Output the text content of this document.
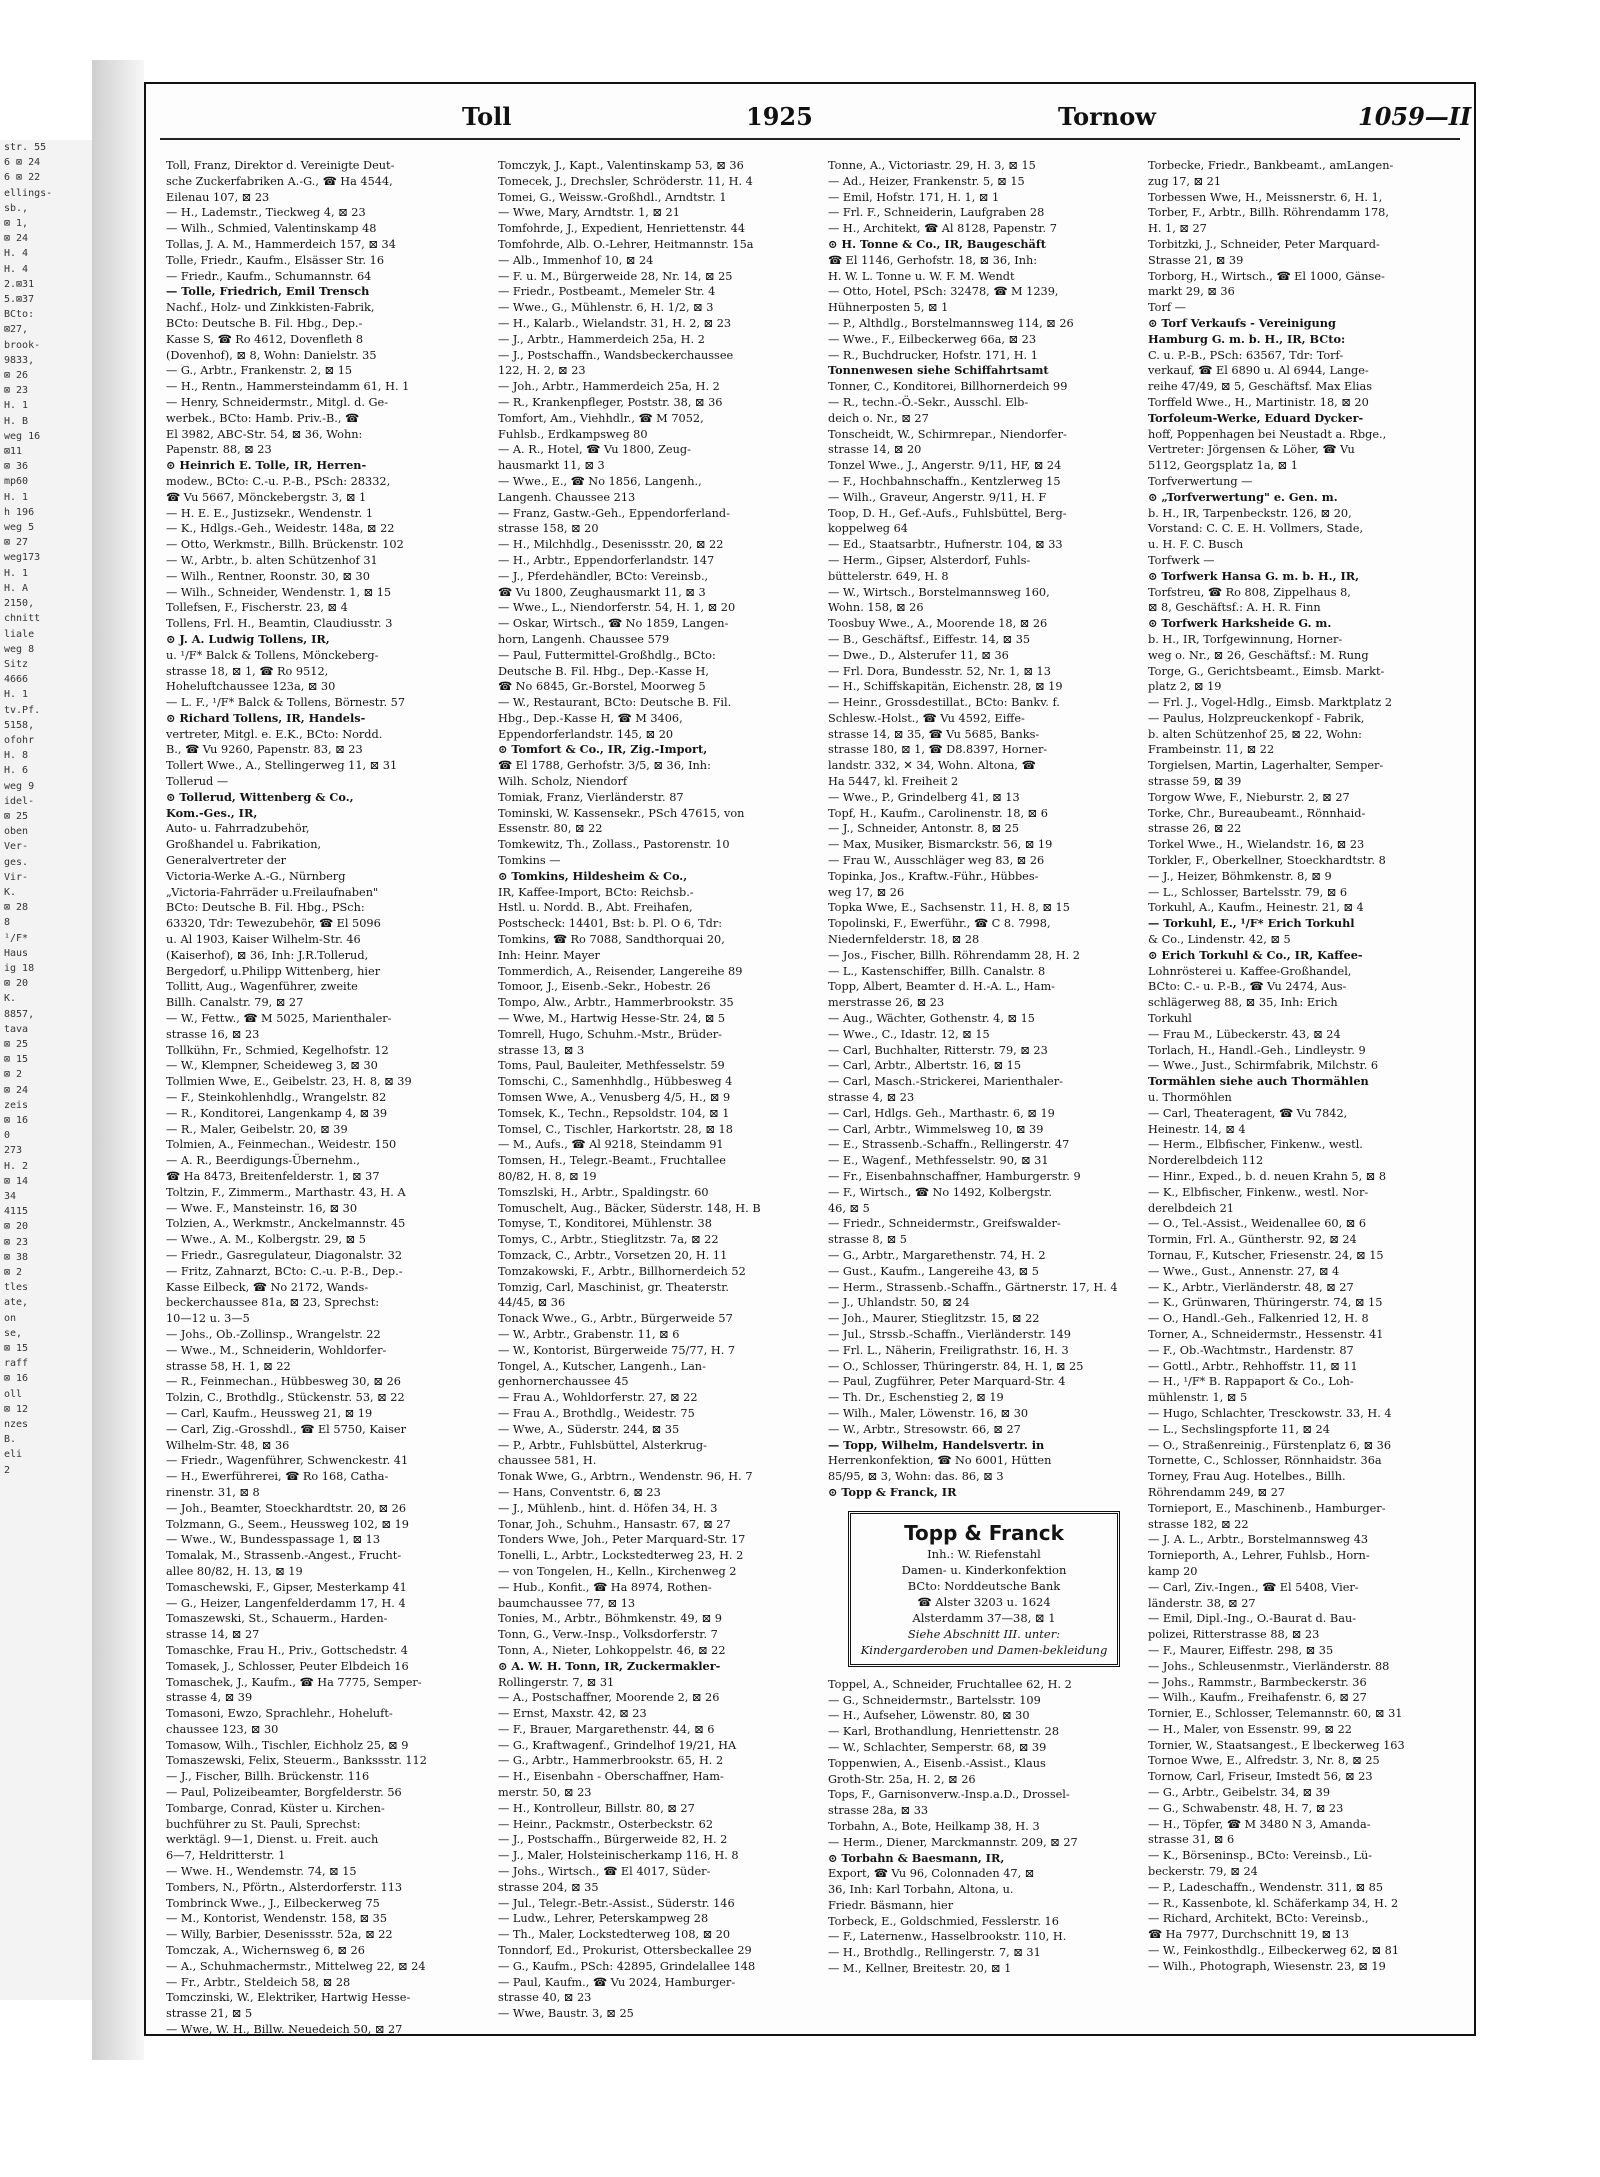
str. 55
6 ⊠ 24
6 ⊠ 22
ellings-
sb.,
⊠ 1,
⊠ 24
H. 4
H. 4
2.⊠31
5.⊠37
BCto:
⊠27,
brook-
9833,
⊠ 26
⊠ 23
H. 1
H. B
weg 16
⊠11
⊠ 36
mp60
H. 1
h 196
weg 5
⊠ 27
weg173
H. 1
H. A
2150,
chnitt
liale
weg 8
Sitz
4666
H. 1
tv.Pf.
5158,
ofohr
H. 8
H. 6
weg 9
idel-
⊠ 25
oben
Ver-
ges.
Vir-
K.
⊠ 28
8
¹/F*
Haus
ig 18
⊠ 20
K.
8857,
tava
⊠ 25
⊠ 15
⊠ 2
⊠ 24
zeis
⊠ 16
0
273
H. 2
⊠ 14
34
4115
⊠ 20
⊠ 23
⊠ 38
⊠ 2
tles
ate,
on
se,
⊠ 15
raff
⊠ 16
oll
⊠ 12
nzes
B.
eli
2
Toll	1925	Tornow	1059—II
Toll, Franz, Direktor d. Vereinigte Deut-
sche Zuckerfabriken A.-G., ☎ Ha 4544,
Eilenau 107, ⊠ 23
— H., Lademstr., Tieckweg 4, ⊠ 23
— Wilh., Schmied, Valentinskamp 48
Tollas, J. A. M., Hammerdeich 157, ⊠ 34
Tolle, Friedr., Kaufm., Elsässer Str. 16
— Friedr., Kaufm., Schumannstr. 64
— Tolle, Friedrich, Emil Trensch
Nachf., Holz- und Zinkkisten-Fabrik,
BCto: Deutsche B. Fil. Hbg., Dep.-
Kasse S, ☎ Ro 4612, Dovenfleth 8
(Dovenhof), ⊠ 8, Wohn: Danielstr. 35
— G., Arbtr., Frankenstr. 2, ⊠ 15
— H., Rentn., Hammersteindamm 61, H. 1
— Henry, Schneidermstr., Mitgl. d. Ge-
werbek., BCto: Hamb. Priv.-B., ☎
El 3982, ABC-Str. 54, ⊠ 36, Wohn:
Papenstr. 88, ⊠ 23
⊙ Heinrich E. Tolle, IR, Herren-
modew., BCto: C.-u. P.-B., PSch: 28332,
☎ Vu 5667, Mönckebergstr. 3, ⊠ 1
— H. E. E., Justizsekr., Wendenstr. 1
— K., Hdlgs.-Geh., Weidestr. 148a, ⊠ 22
— Otto, Werkmstr., Billh. Brückenstr. 102
— W., Arbtr., b. alten Schützenhof 31
— Wilh., Rentner, Roonstr. 30, ⊠ 30
— Wilh., Schneider, Wendenstr. 1, ⊠ 15
Tollefsen, F., Fischerstr. 23, ⊠ 4
Tollens, Frl. H., Beamtin, Claudiusstr. 3
⊙ J. A. Ludwig Tollens, IR,
u. ¹/F* Balck & Tollens, Mönckeberg-
strasse 18, ⊠ 1, ☎ Ro 9512,
Hoheluftchaussee 123a, ⊠ 30
— L. F., ¹/F* Balck & Tollens, Börnestr. 57
⊙ Richard Tollens, IR, Handels-
vertreter, Mitgl. e. E.K., BCto: Nordd.
B., ☎ Vu 9260, Papenstr. 83, ⊠ 23
Tollert Wwe., A., Stellingerweg 11, ⊠ 31
Tollerud —
⊙ Tollerud, Wittenberg & Co.,
Kom.-Ges., IR,
Auto- u. Fahrradzubehör,
Großhandel u. Fabrikation,
Generalvertreter der
Victoria-Werke A.-G., Nürnberg
„Victoria-Fahrräder u.Freilaufnaben"
BCto: Deutsche B. Fil. Hbg., PSch:
63320, Tdr: Tewezubehör, ☎ El 5096
u. Al 1903, Kaiser Wilhelm-Str. 46
(Kaiserhof), ⊠ 36, Inh: J.R.Tollerud,
Bergedorf, u.Philipp Wittenberg, hier
Tollitt, Aug., Wagenführer, zweite
Billh. Canalstr. 79, ⊠ 27
— W., Fettw., ☎ M 5025, Marienthaler-
strasse 16, ⊠ 23
Tollkühn, Fr., Schmied, Kegelhofstr. 12
— W., Klempner, Scheideweg 3, ⊠ 30
Tollmien Wwe, E., Geibelstr. 23, H. 8, ⊠ 39
— F., Steinkohlenhdlg., Wrangelstr. 82
— R., Konditorei, Langenkamp 4, ⊠ 39
— R., Maler, Geibelstr. 20, ⊠ 39
Tolmien, A., Feinmechan., Weidestr. 150
— A. R., Beerdigungs-Übernehm.,
☎ Ha 8473, Breitenfelderstr. 1, ⊠ 37
Toltzin, F., Zimmerm., Marthastr. 43, H. A
— Wwe. F., Mansteinstr. 16, ⊠ 30
Tolzien, A., Werkmstr., Anckelmannstr. 45
— Wwe., A. M., Kolbergstr. 29, ⊠ 5
— Friedr., Gasregulateur, Diagonalstr. 32
— Fritz, Zahnarzt, BCto: C.-u. P.-B., Dep.-
Kasse Eilbeck, ☎ No 2172, Wands-
beckerchaussee 81a, ⊠ 23, Sprechst:
10—12 u. 3—5
— Johs., Ob.-Zollinsp., Wrangelstr. 22
— Wwe., M., Schneiderin, Wohldorfer-
strasse 58, H. 1, ⊠ 22
— R., Feinmechan., Hübbesweg 30, ⊠ 26
Tolzin, C., Brothdlg., Stückenstr. 53, ⊠ 22
— Carl, Kaufm., Heussweg 21, ⊠ 19
— Carl, Zig.-Grosshdl., ☎ El 5750, Kaiser
Wilhelm-Str. 48, ⊠ 36
— Friedr., Wagenführer, Schwenckestr. 41
— H., Ewerführerei, ☎ Ro 168, Catha-
rinenstr. 31, ⊠ 8
— Joh., Beamter, Stoeckhardtstr. 20, ⊠ 26
Tolzmann, G., Seem., Heussweg 102, ⊠ 19
— Wwe., W., Bundesspassage 1, ⊠ 13
Tomalak, M., Strassenb.-Angest., Frucht-
allee 80/82, H. 13, ⊠ 19
Tomaschewski, F., Gipser, Mesterkamp 41
— G., Heizer, Langenfelderdamm 17, H. 4
Tomaszewski, St., Schauerm., Harden-
strasse 14, ⊠ 27
Tomaschke, Frau H., Priv., Gottschedstr. 4
Tomasek, J., Schlosser, Peuter Elbdeich 16
Tomaschek, J., Kaufm., ☎ Ha 7775, Semper-
strasse 4, ⊠ 39
Tomasoni, Ewzo, Sprachlehr., Hoheluft-
chaussee 123, ⊠ 30
Tomasow, Wilh., Tischler, Eichholz 25, ⊠ 9
Tomaszewski, Felix, Steuerm., Bankssstr. 112
— J., Fischer, Billh. Brückenstr. 116
— Paul, Polizeibeamter, Borgfelderstr. 56
Tombarge, Conrad, Küster u. Kirchen-
buchführer zu St. Pauli, Sprechst:
werktägl. 9—1, Dienst. u. Freit. auch
6—7, Heldritterstr. 1
— Wwe. H., Wendemstr. 74, ⊠ 15
Tombers, N., Pförtn., Alsterdorferstr. 113
Tombrinck Wwe., J., Eilbeckerweg 75
— M., Kontorist, Wendenstr. 158, ⊠ 35
— Willy, Barbier, Desenissstr. 52a, ⊠ 22
Tomczak, A., Wichernsweg 6, ⊠ 26
— A., Schuhmachermstr., Mittelweg 22, ⊠ 24
— Fr., Arbtr., Steldeich 58, ⊠ 28
Tomczinski, W., Elektriker, Hartwig Hesse-
strasse 21, ⊠ 5
— Wwe, W. H., Billw. Neuedeich 50, ⊠ 27
Tomczyk, J., Kapt., Valentinskamp 53, ⊠ 36
Tomecek, J., Drechsler, Schröderstr. 11, H. 4
Tomei, G., Weissw.-Großhdl., Arndtstr. 1
— Wwe, Mary, Arndtstr. 1, ⊠ 21
Tomfohrde, J., Expedient, Henriettenstr. 44
Tomfohrde, Alb. O.-Lehrer, Heitmannstr. 15a
— Alb., Immenhof 10, ⊠ 24
— F. u. M., Bürgerweide 28, Nr. 14, ⊠ 25
— Friedr., Postbeamt., Memeler Str. 4
— Wwe., G., Mühlenstr. 6, H. 1/2, ⊠ 3
— H., Kalarb., Wielandstr. 31, H. 2, ⊠ 23
— J., Arbtr., Hammerdeich 25a, H. 2
— J., Postschaffn., Wandsbeckerchaussee
122, H. 2, ⊠ 23
— Joh., Arbtr., Hammerdeich 25a, H. 2
— R., Krankenpfleger, Poststr. 38, ⊠ 36
Tomfort, Am., Viehhdlr., ☎ M 7052,
Fuhlsb., Erdkampsweg 80
— A. R., Hotel, ☎ Vu 1800, Zeug-
hausmarkt 11, ⊠ 3
— Wwe., E., ☎ No 1856, Langenh.,
Langenh. Chaussee 213
— Franz, Gastw.-Geh., Eppendorferland-
strasse 158, ⊠ 20
— H., Milchhdlg., Desenissstr. 20, ⊠ 22
— H., Arbtr., Eppendorferlandstr. 147
— J., Pferdehändler, BCto: Vereinsb.,
☎ Vu 1800, Zeughausmarkt 11, ⊠ 3
— Wwe., L., Niendorferstr. 54, H. 1, ⊠ 20
— Oskar, Wirtsch., ☎ No 1859, Langen-
horn, Langenh. Chaussee 579
— Paul, Futtermittel-Großhdlg., BCto:
Deutsche B. Fil. Hbg., Dep.-Kasse H,
☎ No 6845, Gr.-Borstel, Moorweg 5
— W., Restaurant, BCto: Deutsche B. Fil.
Hbg., Dep.-Kasse H, ☎ M 3406,
Eppendorferlandstr. 145, ⊠ 20
⊙ Tomfort & Co., IR, Zig.-Import,
☎ El 1788, Gerhofstr. 3/5, ⊠ 36, Inh:
Wilh. Scholz, Niendorf
Tomiak, Franz, Vierländerstr. 87
Tominski, W. Kassensekr., PSch 47615, von
Essenstr. 80, ⊠ 22
Tomkewitz, Th., Zollass., Pastorenstr. 10
Tomkins —
⊙ Tomkins, Hildesheim & Co.,
IR, Kaffee-Import, BCto: Reichsb.-
Hstl. u. Nordd. B., Abt. Freihafen,
Postscheck: 14401, Bst: b. Pl. O 6, Tdr:
Tomkins, ☎ Ro 7088, Sandthorquai 20,
Inh: Heinr. Mayer
Tommerdich, A., Reisender, Langereihe 89
Tomoor, J., Eisenb.-Sekr., Hobestr. 26
Tompo, Alw., Arbtr., Hammerbrookstr. 35
— Wwe, M., Hartwig Hesse-Str. 24, ⊠ 5
Tomrell, Hugo, Schuhm.-Mstr., Brüder-
strasse 13, ⊠ 3
Toms, Paul, Bauleiter, Methfesselstr. 59
Tomschi, C., Samenhhdlg., Hübbesweg 4
Tomsen Wwe, A., Venusberg 4/5, H., ⊠ 9
Tomsek, K., Techn., Repsoldstr. 104, ⊠ 1
Tomsel, C., Tischler, Harkortstr. 28, ⊠ 18
— M., Aufs., ☎ Al 9218, Steindamm 91
Tomsen, H., Telegr.-Beamt., Fruchtallee
80/82, H. 8, ⊠ 19
Tomszlski, H., Arbtr., Spaldingstr. 60
Tomuschelt, Aug., Bäcker, Süderstr. 148, H. B
Tomyse, T., Konditorei, Mühlenstr. 38
Tomys, C., Arbtr., Stieglitzstr. 7a, ⊠ 22
Tomzack, C., Arbtr., Vorsetzen 20, H. 11
Tomzakowski, F., Arbtr., Billhornerdeich 52
Tomzig, Carl, Maschinist, gr. Theaterstr.
44/45, ⊠ 36
Tonack Wwe., G., Arbtr., Bürgerweide 57
— W., Arbtr., Grabenstr. 11, ⊠ 6
— W., Kontorist, Bürgerweide 75/77, H. 7
Tongel, A., Kutscher, Langenh., Lan-
genhornerchaussee 45
— Frau A., Wohldorferstr. 27, ⊠ 22
— Frau A., Brothdlg., Weidestr. 75
— Wwe, A., Süderstr. 244, ⊠ 35
— P., Arbtr., Fuhlsbüttel, Alsterkrug-
chaussee 581, H.
Tonak Wwe, G., Arbtrn., Wendenstr. 96, H. 7
— Hans, Conventstr. 6, ⊠ 23
— J., Mühlenb., hint. d. Höfen 34, H. 3
Tonar, Joh., Schuhm., Hansastr. 67, ⊠ 27
Tonders Wwe, Joh., Peter Marquard-Str. 17
Tonelli, L., Arbtr., Lockstedterweg 23, H. 2
— von Tongelen, H., Kelln., Kirchenweg 2
— Hub., Konfit., ☎ Ha 8974, Rothen-
baumchaussee 77, ⊠ 13
Tonies, M., Arbtr., Böhmkenstr. 49, ⊠ 9
Tonn, G., Verw.-Insp., Volksdorferstr. 7
Tonn, A., Nieter, Lohkoppelstr. 46, ⊠ 22
⊙ A. W. H. Tonn, IR, Zuckermakler-
Rollingerstr. 7, ⊠ 31
— A., Postschaffner, Moorende 2, ⊠ 26
— Ernst, Maxstr. 42, ⊠ 23
— F., Brauer, Margarethenstr. 44, ⊠ 6
— G., Kraftwagenf., Grindelhof 19/21, HA
— G., Arbtr., Hammerbrookstr. 65, H. 2
— H., Eisenbahn - Oberschaffner, Ham-
merstr. 50, ⊠ 23
— H., Kontrolleur, Billstr. 80, ⊠ 27
— Heinr., Packmstr., Osterbeckstr. 62
— J., Postschaffn., Bürgerweide 82, H. 2
— J., Maler, Holsteinischerkamp 116, H. 8
— Johs., Wirtsch., ☎ El 4017, Süder-
strasse 204, ⊠ 35
— Jul., Telegr.-Betr.-Assist., Süderstr. 146
— Ludw., Lehrer, Peterskampweg 28
— Th., Maler, Lockstedterweg 108, ⊠ 20
Tonndorf, Ed., Prokurist, Ottersbeckallee 29
— G., Kaufm., PSch: 42895, Grindelallee 148
— Paul, Kaufm., ☎ Vu 2024, Hamburger-
strasse 40, ⊠ 23
— Wwe, Baustr. 3, ⊠ 25
Tonne, A., Victoriastr. 29, H. 3, ⊠ 15
— Ad., Heizer, Frankenstr. 5, ⊠ 15
— Emil, Hofstr. 171, H. 1, ⊠ 1
— Frl. F., Schneiderin, Laufgraben 28
— H., Architekt, ☎ Al 8128, Papenstr. 7
⊙ H. Tonne & Co., IR, Baugeschäft
☎ El 1146, Gerhofstr. 18, ⊠ 36, Inh:
H. W. L. Tonne u. W. F. M. Wendt
— Otto, Hotel, PSch: 32478, ☎ M 1239,
Hühnerposten 5, ⊠ 1
— P., Althdlg., Borstelmannsweg 114, ⊠ 26
— Wwe., F., Eilbeckerweg 66a, ⊠ 23
— R., Buchdrucker, Hofstr. 171, H. 1
Tonnenwesen siehe Schiffahrtsamt
Tonner, C., Konditorei, Billhornerdeich 99
— R., techn.-Ö.-Sekr., Ausschl. Elb-
deich o. Nr., ⊠ 27
Tonscheidt, W., Schirmrepar., Niendorfer-
strasse 14, ⊠ 20
Tonzel Wwe., J., Angerstr. 9/11, HF, ⊠ 24
— F., Hochbahnschaffn., Kentzlerweg 15
— Wilh., Graveur, Angerstr. 9/11, H. F
Toop, D. H., Gef.-Aufs., Fuhlsbüttel, Berg-
koppelweg 64
— Ed., Staatsarbtr., Hufnerstr. 104, ⊠ 33
— Herm., Gipser, Alsterdorf, Fuhls-
büttelerstr. 649, H. 8
— W., Wirtsch., Borstelmannsweg 160,
Wohn. 158, ⊠ 26
Toosbuy Wwe., A., Moorende 18, ⊠ 26
— B., Geschäftsf., Eiffestr. 14, ⊠ 35
— Dwe., D., Alsterufer 11, ⊠ 36
— Frl. Dora, Bundesstr. 52, Nr. 1, ⊠ 13
— H., Schiffskapitän, Eichenstr. 28, ⊠ 19
— Heinr., Grossdestillat., BCto: Bankv. f.
Schlesw.-Holst., ☎ Vu 4592, Eiffe-
strasse 14, ⊠ 35, ☎ Vu 5685, Banks-
strasse 180, ⊠ 1, ☎ D8.8397, Horner-
landstr. 332, ✕ 34, Wohn. Altona, ☎
Ha 5447, kl. Freiheit 2
— Wwe., P., Grindelberg 41, ⊠ 13
Topf, H., Kaufm., Carolinenstr. 18, ⊠ 6
— J., Schneider, Antonstr. 8, ⊠ 25
— Max, Musiker, Bismarckstr. 56, ⊠ 19
— Frau W., Ausschläger weg 83, ⊠ 26
Topinka, Jos., Kraftw.-Führ., Hübbes-
weg 17, ⊠ 26
Topka Wwe, E., Sachsenstr. 11, H. 8, ⊠ 15
Topolinski, F., Ewerführ., ☎ C 8. 7998,
Niedernfelderstr. 18, ⊠ 28
— Jos., Fischer, Billh. Röhrendamm 28, H. 2
— L., Kastenschiffer, Billh. Canalstr. 8
Topp, Albert, Beamter d. H.-A. L., Ham-
merstrasse 26, ⊠ 23
— Aug., Wächter, Gothenstr. 4, ⊠ 15
— Wwe., C., Idastr. 12, ⊠ 15
— Carl, Buchhalter, Ritterstr. 79, ⊠ 23
— Carl, Arbtr., Albertstr. 16, ⊠ 15
— Carl, Masch.-Strickerei, Marienthaler-
strasse 4, ⊠ 23
— Carl, Hdlgs. Geh., Marthastr. 6, ⊠ 19
— Carl, Arbtr., Wimmelsweg 10, ⊠ 39
— E., Strassenb.-Schaffn., Rellingerstr. 47
— E., Wagenf., Methfesselstr. 90, ⊠ 31
— Fr., Eisenbahnschaffner, Hamburgerstr. 9
— F., Wirtsch., ☎ No 1492, Kolbergstr.
46, ⊠ 5
— Friedr., Schneidermstr., Greifswalder-
strasse 8, ⊠ 5
— G., Arbtr., Margarethenstr. 74, H. 2
— Gust., Kaufm., Langereihe 43, ⊠ 5
— Herm., Strassenb.-Schaffn., Gärtnerstr. 17, H. 4
— J., Uhlandstr. 50, ⊠ 24
— Joh., Maurer, Stieglitzstr. 15, ⊠ 22
— Jul., Strssb.-Schaffn., Vierländerstr. 149
— Frl. L., Näherin, Freiligrathstr. 16, H. 3
— O., Schlosser, Thüringerstr. 84, H. 1, ⊠ 25
— Paul, Zugführer, Peter Marquard-Str. 4
— Th. Dr., Eschenstieg 2, ⊠ 19
— Wilh., Maler, Löwenstr. 16, ⊠ 30
— W., Arbtr., Stresowstr. 66, ⊠ 27
— Topp, Wilhelm, Handelsvertr. in
Herrenkonfektion, ☎ No 6001, Hütten
85/95, ⊠ 3, Wohn: das. 86, ⊠ 3
⊙ Topp & Franck, IR
Topp & Franck
Inh.: W. Riefenstahl
Damen- u. Kinderkonfektion
BCto: Norddeutsche Bank
☎ Alster 3203 u. 1624
Alsterdamm 37—38, ⊠ 1
Siehe Abschnitt III. unter: Kindergarderoben und Damen-bekleidung
Toppel, A., Schneider, Fruchtallee 62, H. 2
— G., Schneidermstr., Bartelsstr. 109
— H., Aufseher, Löwenstr. 80, ⊠ 30
— Karl, Brothandlung, Henriettenstr. 28
— W., Schlachter, Semperstr. 68, ⊠ 39
Toppenwien, A., Eisenb.-Assist., Klaus
Groth-Str. 25a, H. 2, ⊠ 26
Tops, F., Garnisonverw.-Insp.a.D., Drossel-
strasse 28a, ⊠ 33
Torbahn, A., Bote, Heilkamp 38, H. 3
— Herm., Diener, Marckmannstr. 209, ⊠ 27
⊙ Torbahn & Baesmann, IR,
Export, ☎ Vu 96, Colonnaden 47, ⊠
36, Inh: Karl Torbahn, Altona, u.
Friedr. Bäsmann, hier
Torbeck, E., Goldschmied, Fesslerstr. 16
— F., Laternenw., Hasselbrookstr. 110, H.
— H., Brothdlg., Rellingerstr. 7, ⊠ 31
— M., Kellner, Breitestr. 20, ⊠ 1
Torbecke, Friedr., Bankbeamt., amLangen-
zug 17, ⊠ 21
Torbessen Wwe, H., Meissnerstr. 6, H. 1,
Torber, F., Arbtr., Billh. Röhrendamm 178,
H. 1, ⊠ 27
Torbitzki, J., Schneider, Peter Marquard-
Strasse 21, ⊠ 39
Torborg, H., Wirtsch., ☎ El 1000, Gänse-
markt 29, ⊠ 36
Torf —
⊙ Torf Verkaufs - Vereinigung
Hamburg G. m. b. H., IR, BCto:
C. u. P.-B., PSch: 63567, Tdr: Torf-
verkauf, ☎ El 6890 u. Al 6944, Lange-
reihe 47/49, ⊠ 5, Geschäftsf. Max Elias
Torffeld Wwe., H., Martinistr. 18, ⊠ 20
Torfoleum-Werke, Eduard Dycker-
hoff, Poppenhagen bei Neustadt a. Rbge.,
Vertreter: Jörgensen & Löher, ☎ Vu
5112, Georgsplatz 1a, ⊠ 1
Torfverwertung —
⊙ „Torfverwertung" e. Gen. m.
b. H., IR, Tarpenbeckstr. 126, ⊠ 20,
Vorstand: C. C. E. H. Vollmers, Stade,
u. H. F. C. Busch
Torfwerk —
⊙ Torfwerk Hansa G. m. b. H., IR,
Torfstreu, ☎ Ro 808, Zippelhaus 8,
⊠ 8, Geschäftsf.: A. H. R. Finn
⊙ Torfwerk Harksheide G. m.
b. H., IR, Torfgewinnung, Horner-
weg o. Nr., ⊠ 26, Geschäftsf.: M. Rung
Torge, G., Gerichtsbeamt., Eimsb. Markt-
platz 2, ⊠ 19
— Frl. J., Vogel-Hdlg., Eimsb. Marktplatz 2
— Paulus, Holzpreuckenkopf - Fabrik,
b. alten Schützenhof 25, ⊠ 22, Wohn:
Frambeinstr. 11, ⊠ 22
Torgielsen, Martin, Lagerhalter, Semper-
strasse 59, ⊠ 39
Torgow Wwe, F., Nieburstr. 2, ⊠ 27
Torke, Chr., Bureaubeamt., Rönnhaid-
strasse 26, ⊠ 22
Torkel Wwe., H., Wielandstr. 16, ⊠ 23
Torkler, F., Oberkellner, Stoeckhardtstr. 8
— J., Heizer, Böhmkenstr. 8, ⊠ 9
— L., Schlosser, Bartelsstr. 79, ⊠ 6
Torkuhl, A., Kaufm., Heinestr. 21, ⊠ 4
— Torkuhl, E., ¹/F* Erich Torkuhl
& Co., Lindenstr. 42, ⊠ 5
⊙ Erich Torkuhl & Co., IR, Kaffee-
Lohnrösterei u. Kaffee-Großhandel,
BCto: C.- u. P.-B., ☎ Vu 2474, Aus-
schlägerweg 88, ⊠ 35, Inh: Erich
Torkuhl
— Frau M., Lübeckerstr. 43, ⊠ 24
Torlach, H., Handl.-Geh., Lindleystr. 9
— Wwe., Just., Schirmfabrik, Milchstr. 6
Tormählen siehe auch Thormählen
u. Thormöhlen
— Carl, Theateragent, ☎ Vu 7842,
Heinestr. 14, ⊠ 4
— Herm., Elbfischer, Finkenw., westl.
Norderelbdeich 112
— Hinr., Exped., b. d. neuen Krahn 5, ⊠ 8
— K., Elbfischer, Finkenw., westl. Nor-
derelbdeich 21
— O., Tel.-Assist., Weidenallee 60, ⊠ 6
Tormin, Frl. A., Güntherstr. 92, ⊠ 24
Tornau, F., Kutscher, Friesenstr. 24, ⊠ 15
— Wwe., Gust., Annenstr. 27, ⊠ 4
— K., Arbtr., Vierländerstr. 48, ⊠ 27
— K., Grünwaren, Thüringerstr. 74, ⊠ 15
— O., Handl.-Geh., Falkenried 12, H. 8
Torner, A., Schneidermstr., Hessenstr. 41
— F., Ob.-Wachtmstr., Hardenstr. 87
— Gottl., Arbtr., Rehhoffstr. 11, ⊠ 11
— H., ¹/F* B. Rappaport & Co., Loh-
mühlenstr. 1, ⊠ 5
— Hugo, Schlachter, Tresckowstr. 33, H. 4
— L., Sechslingspforte 11, ⊠ 24
— O., Straßenreinig., Fürstenplatz 6, ⊠ 36
Tornette, C., Schlosser, Rönnhaidstr. 36a
Torney, Frau Aug. Hotelbes., Billh.
Röhrendamm 249, ⊠ 27
Tornieport, E., Maschinenb., Hamburger-
strasse 182, ⊠ 22
— J. A. L., Arbtr., Borstelmannsweg 43
Tornieporth, A., Lehrer, Fuhlsb., Horn-
kamp 20
— Carl, Ziv.-Ingen., ☎ El 5408, Vier-
länderstr. 38, ⊠ 27
— Emil, Dipl.-Ing., O.-Baurat d. Bau-
polizei, Ritterstrasse 88, ⊠ 23
— F., Maurer, Eiffestr. 298, ⊠ 35
— Johs., Schleusenmstr., Vierländerstr. 88
— Johs., Rammstr., Barmbeckerstr. 36
— Wilh., Kaufm., Freihafenstr. 6, ⊠ 27
Tornier, E., Schlosser, Telemannstr. 60, ⊠ 31
— H., Maler, von Essenstr. 99, ⊠ 22
Tornier, W., Staatsangest., E lbeckerweg 163
Tornoe Wwe, E., Alfredstr. 3, Nr. 8, ⊠ 25
Tornow, Carl, Friseur, Imstedt 56, ⊠ 23
— G., Arbtr., Geibelstr. 34, ⊠ 39
— G., Schwabenstr. 48, H. 7, ⊠ 23
— H., Töpfer, ☎ M 3480 N 3, Amanda-
strasse 31, ⊠ 6
— K., Börseninsp., BCto: Vereinsb., Lü-
beckerstr. 79, ⊠ 24
— P., Ladeschaffn., Wendenstr. 311, ⊠ 85
— R., Kassenbote, kl. Schäferkamp 34, H. 2
— Richard, Architekt, BCto: Vereinsb.,
☎ Ha 7977, Durchschnitt 19, ⊠ 13
— W., Feinkosthdlg., Eilbeckerweg 62, ⊠ 81
— Wilh., Photograph, Wiesenstr. 23, ⊠ 19
